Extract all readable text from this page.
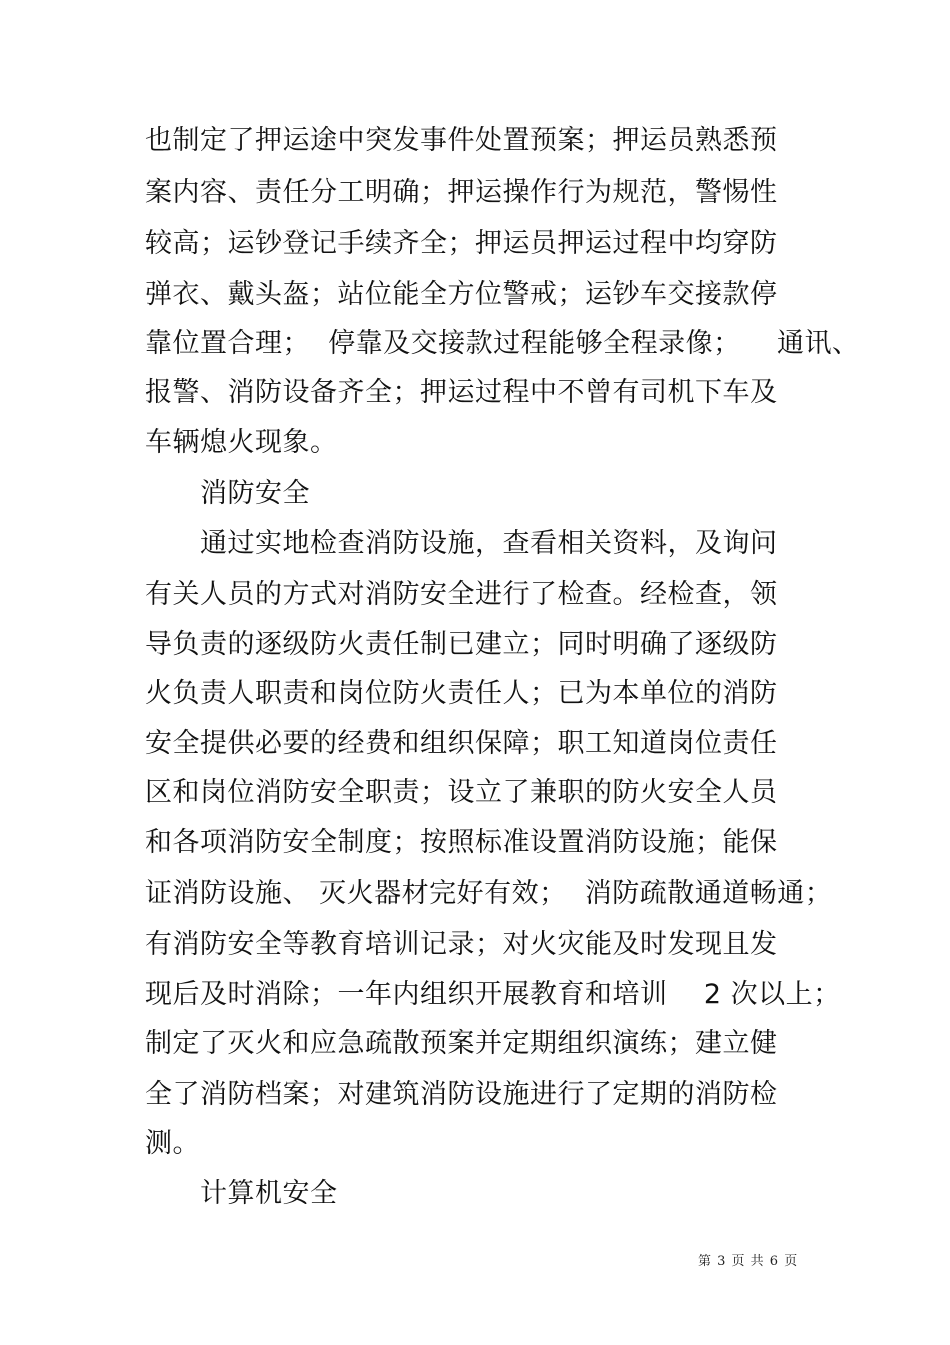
也制定了押运途中突发事件处置预案；押运员熟悉预
案内容、责任分工明确；押运操作行为规范，警惕性
较高；运钞登记手续齐全；押运员押运过程中均穿防
弹衣、戴头盔；站位能全方位警戒；运钞车交接款停
靠位置合理；  停靠及交接款过程能够全程录像；    通讯、
报警、消防设备齐全；押运过程中不曾有司机下车及
车辆熄火现象。
消防安全
通过实地检查消防设施，查看相关资料，及询问
有关人员的方式对消防安全进行了检查。经检查，领
导负责的逐级防火责任制已建立；同时明确了逐级防
火负责人职责和岗位防火责任人；已为本单位的消防
安全提供必要的经费和组织保障；职工知道岗位责任
区和岗位消防安全职责；设立了兼职的防火安全人员
和各项消防安全制度；按照标准设置消防设施；能保
证消防设施、 灭火器材完好有效；  消防疏散通道畅通；
有消防安全等教育培训记录；对火灾能及时发现且发
现后及时消除；一年内组织开展教育和培训    2 次以上；
制定了灭火和应急疏散预案并定期组织演练；建立健
全了消防档案；对建筑消防设施进行了定期的消防检
测。
计算机安全
第 3 页 共 6 页
